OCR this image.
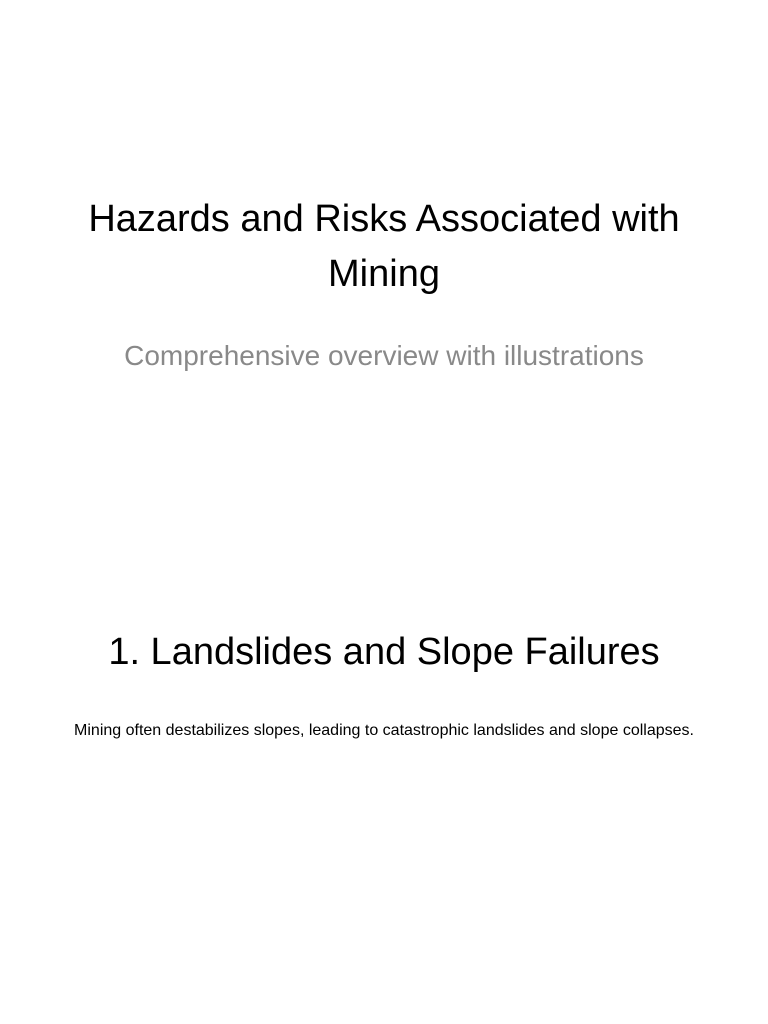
Hazards and Risks Associated with Mining

Comprehensive overview with illustrations

1. Landslides and Slope Failures

Mining often destabilizes slopes, leading to catastrophic landslides and slope collapses.
